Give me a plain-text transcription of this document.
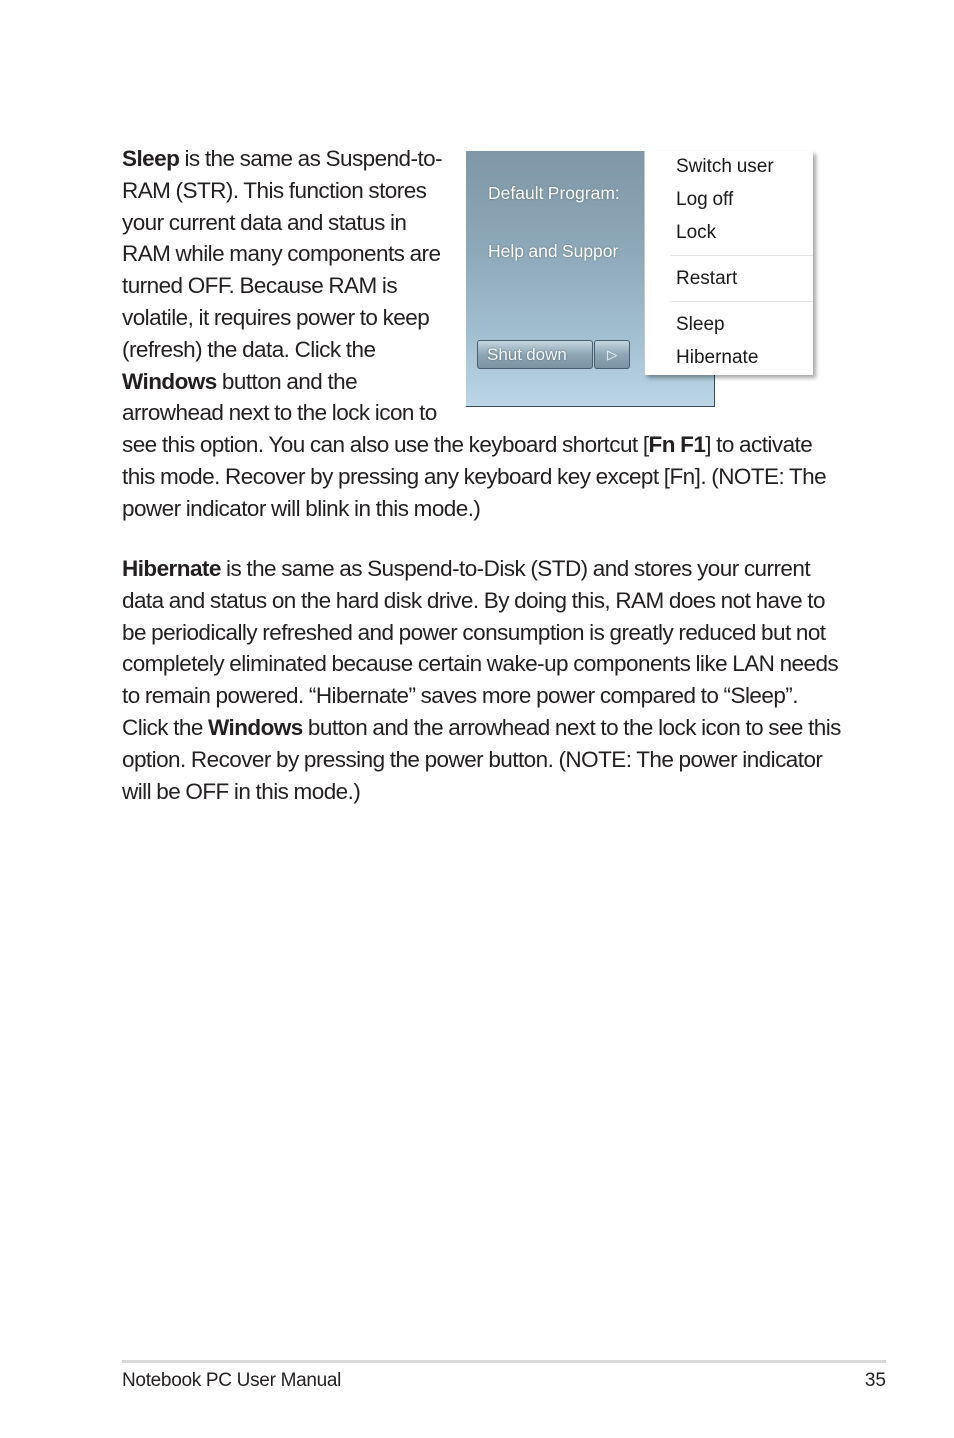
Default Program:
Help and Suppor
Shut down	▷
Switch user
Log off
Lock
Restart
Sleep
Hibernate
Sleep is the same as Suspend-to-RAM (STR). This function stores your current data and status in RAM while many components are turned OFF. Because RAM is volatile, it requires power to keep (refresh) the data. Click the Windows button and the arrowhead next to the lock icon to see this option. You can also use the keyboard shortcut [Fn F1] to activate this mode. Recover by pressing any keyboard key except [Fn]. (NOTE: The power indicator will blink in this mode.)

Hibernate is the same as Suspend-to-Disk (STD) and stores your current data and status on the hard disk drive. By doing this, RAM does not have to be periodically refreshed and power consumption is greatly reduced but not completely eliminated because certain wake-up components like LAN needs to remain powered. “Hibernate” saves more power compared to “Sleep”. Click the Windows button and the arrowhead next to the lock icon to see this option. Recover by pressing the power button. (NOTE: The power indicator will be OFF in this mode.)

Notebook PC User Manual	35
